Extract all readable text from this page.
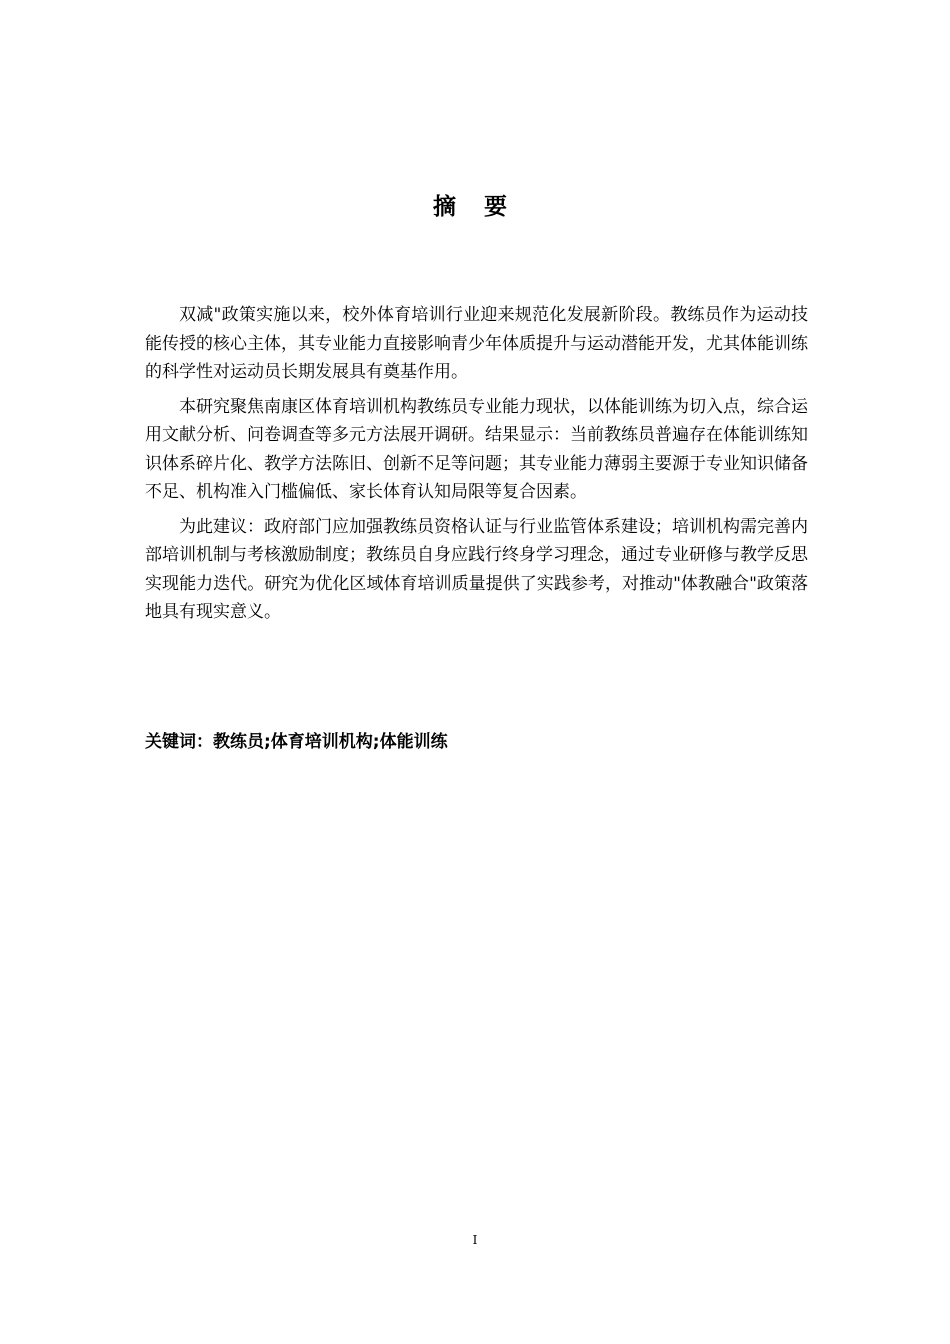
摘 要

双减"政策实施以来，校外体育培训行业迎来规范化发展新阶段。教练员作为运动技能传授的核心主体，其专业能力直接影响青少年体质提升与运动潜能开发，尤其体能训练的科学性对运动员长期发展具有奠基作用。

本研究聚焦南康区体育培训机构教练员专业能力现状，以体能训练为切入点，综合运用文献分析、问卷调查等多元方法展开调研。结果显示：当前教练员普遍存在体能训练知识体系碎片化、教学方法陈旧、创新不足等问题；其专业能力薄弱主要源于专业知识储备不足、机构准入门槛偏低、家长体育认知局限等复合因素。

为此建议：政府部门应加强教练员资格认证与行业监管体系建设；培训机构需完善内部培训机制与考核激励制度；教练员自身应践行终身学习理念，通过专业研修与教学反思实现能力迭代。研究为优化区域体育培训质量提供了实践参考，对推动"体教融合"政策落地具有现实意义。

关键词：教练员;体育培训机构;体能训练
I
